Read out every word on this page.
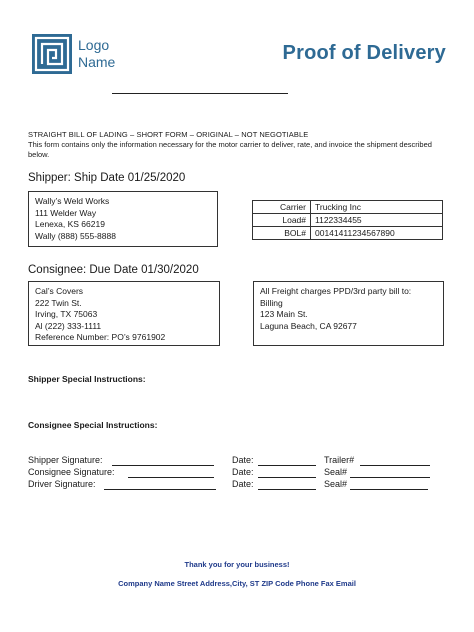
Logo
Name	Proof of Delivery
STRAIGHT BILL OF LADING – SHORT FORM – ORIGINAL – NOT NEGOTIABLE
This form contains only the information necessary for the motor carrier to deliver, rate, and invoice the shipment described below.
Shipper: Ship Date 01/25/2020
Wally’s Weld Works
111 Welder Way
Lenexa, KS 66219
Wally (888) 555-8888
Carrier	Trucking Inc
Load#	1122334455
BOL#	00141411234567890
Consignee: Due Date 01/30/2020
Cal’s Covers
222 Twin St.
Irving, TX 75063
Al (222) 333-1111
Reference Number: PO’s 9761902
All Freight charges PPD/3rd party bill to:
Billing
123 Main St.
Laguna Beach, CA 92677
Shipper Special Instructions:
Consignee Special Instructions:
Shipper Signature:	Date:	Trailer#
Consignee Signature:	Date:	Seal#
Driver Signature:	Date:	Seal#
Thank you for your business!
Company Name Street Address,City, ST ZIP Code Phone Fax Email
